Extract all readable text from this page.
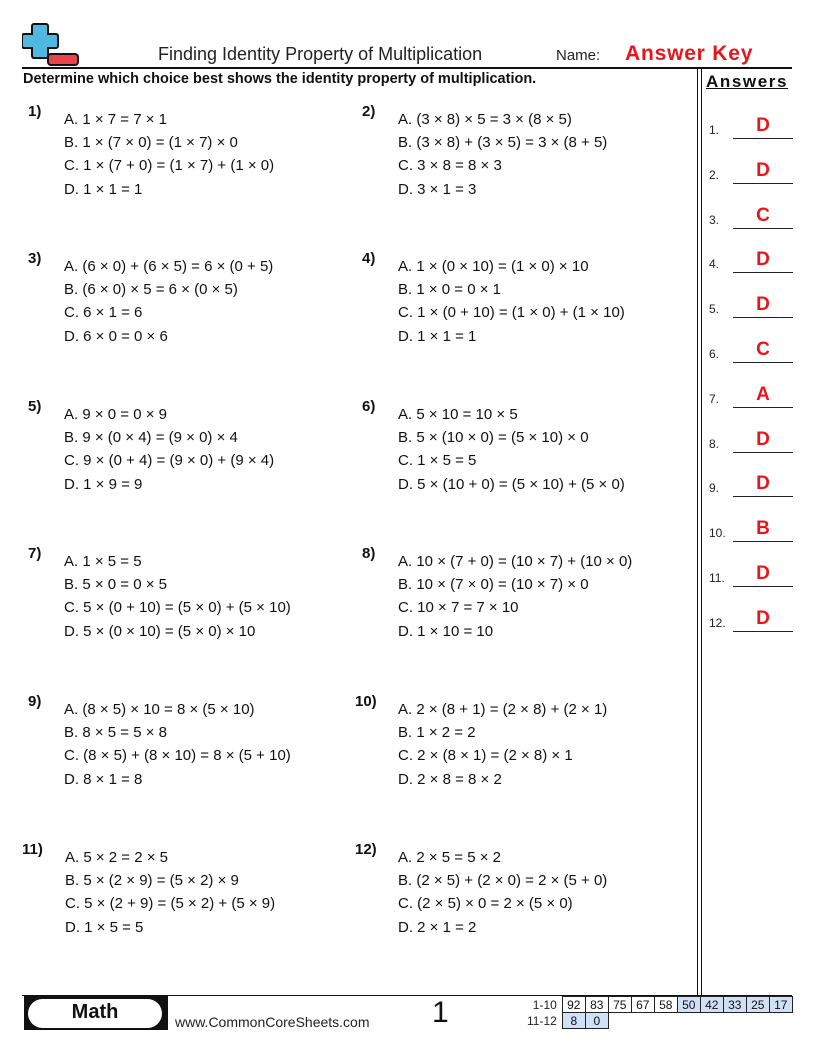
Finding Identity Property of Multiplication	Name: Answer Key
Determine which choice best shows the identity property of multiplication.
1) A. 1 × 7 = 7 × 1
B. 1 × (7 × 0) = (1 × 7) × 0
C. 1 × (7 + 0) = (1 × 7) + (1 × 0)
D. 1 × 1 = 1
2) A. (3 × 8) × 5 = 3 × (8 × 5)
B. (3 × 8) + (3 × 5) = 3 × (8 + 5)
C. 3 × 8 = 8 × 3
D. 3 × 1 = 3
3) A. (6 × 0) + (6 × 5) = 6 × (0 + 5)
B. (6 × 0) × 5 = 6 × (0 × 5)
C. 6 × 1 = 6
D. 6 × 0 = 0 × 6
4) A. 1 × (0 × 10) = (1 × 0) × 10
B. 1 × 0 = 0 × 1
C. 1 × (0 + 10) = (1 × 0) + (1 × 10)
D. 1 × 1 = 1
5) A. 9 × 0 = 0 × 9
B. 9 × (0 × 4) = (9 × 0) × 4
C. 9 × (0 + 4) = (9 × 0) + (9 × 4)
D. 1 × 9 = 9
6) A. 5 × 10 = 10 × 5
B. 5 × (10 × 0) = (5 × 10) × 0
C. 1 × 5 = 5
D. 5 × (10 + 0) = (5 × 10) + (5 × 0)
7) A. 1 × 5 = 5
B. 5 × 0 = 0 × 5
C. 5 × (0 + 10) = (5 × 0) + (5 × 10)
D. 5 × (0 × 10) = (5 × 0) × 10
8) A. 10 × (7 + 0) = (10 × 7) + (10 × 0)
B. 10 × (7 × 0) = (10 × 7) × 0
C. 10 × 7 = 7 × 10
D. 1 × 10 = 10
9) A. (8 × 5) × 10 = 8 × (5 × 10)
B. 8 × 5 = 5 × 8
C. (8 × 5) + (8 × 10) = 8 × (5 + 10)
D. 8 × 1 = 8
10) A. 2 × (8 + 1) = (2 × 8) + (2 × 1)
B. 1 × 2 = 2
C. 2 × (8 × 1) = (2 × 8) × 1
D. 2 × 8 = 8 × 2
11) A. 5 × 2 = 2 × 5
B. 5 × (2 × 9) = (5 × 2) × 9
C. 5 × (2 + 9) = (5 × 2) + (5 × 9)
D. 1 × 5 = 5
12) A. 2 × 5 = 5 × 2
B. (2 × 5) + (2 × 0) = 2 × (5 + 0)
C. (2 × 5) × 0 = 2 × (5 × 0)
D. 2 × 1 = 2
Answers
1.	D
2.	D
3.	C
4.	D
5.	D
6.	C
7.	A
8.	D
9.	D
10.	B
11.	D
12.	D
Math	www.CommonCoreSheets.com 1	1-10	92	83	75	67	58	50	42	33	25	17
11-12	8	0								
